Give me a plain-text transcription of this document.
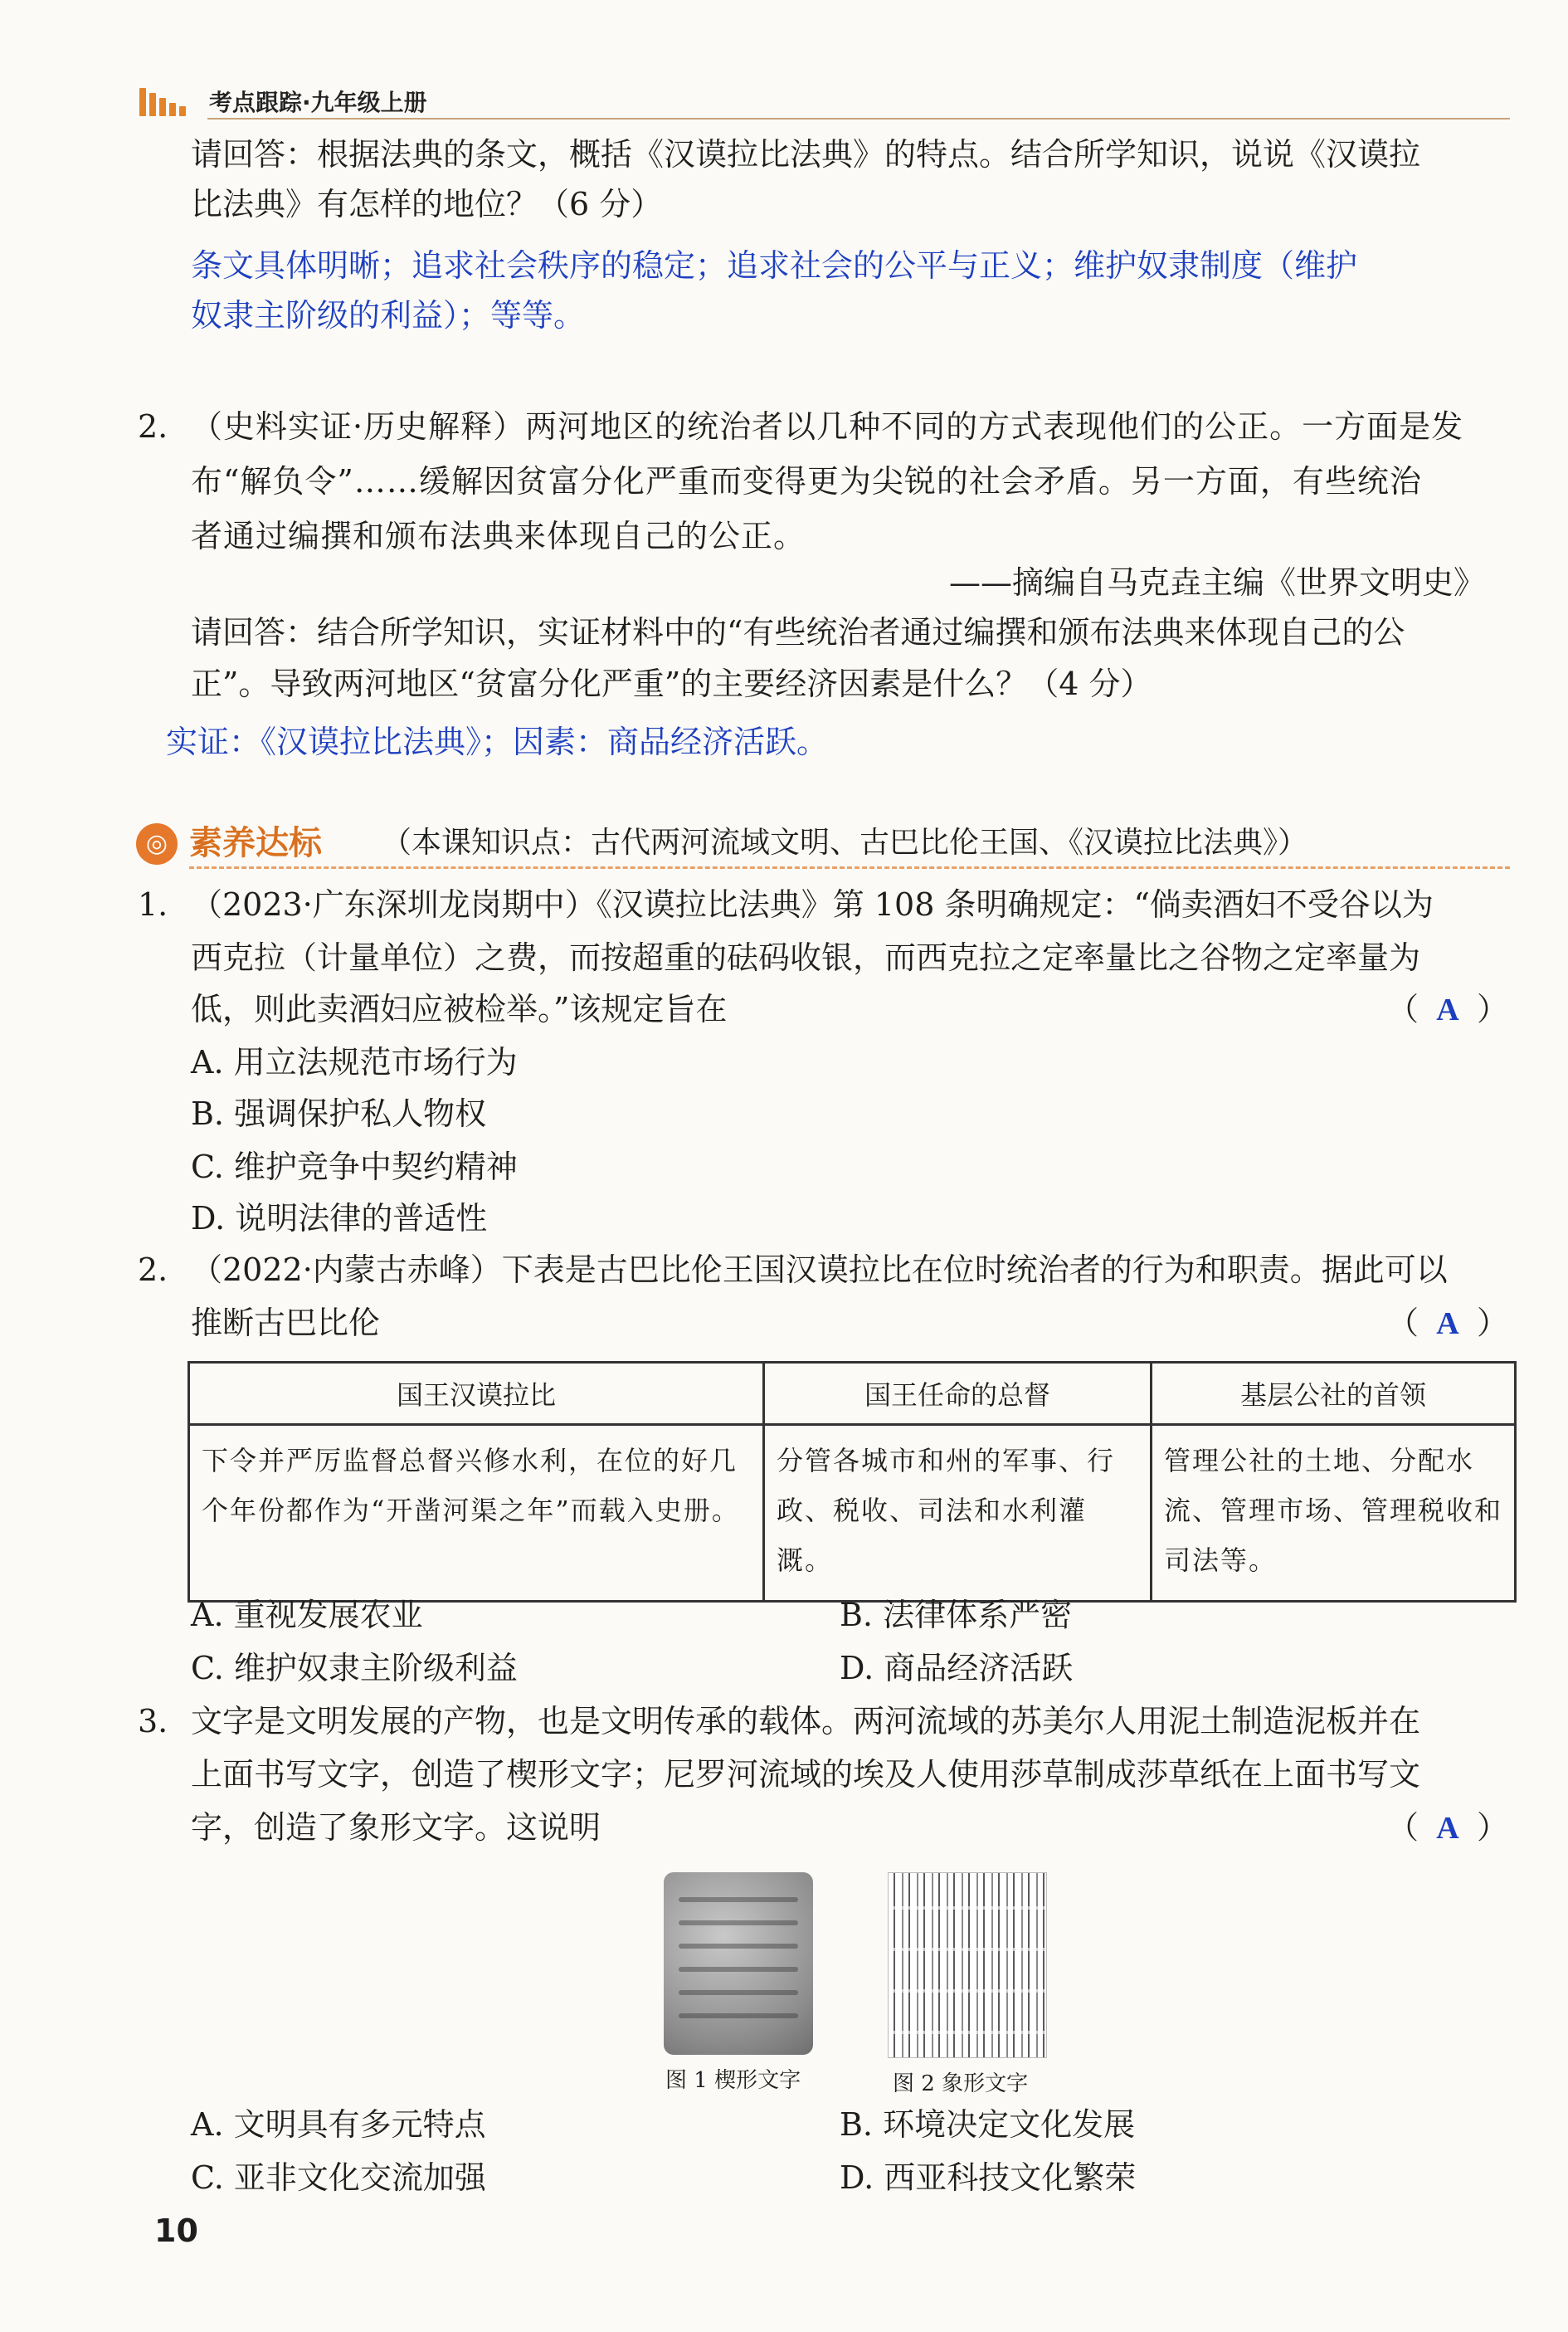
考点跟踪·九年级上册
请回答：根据法典的条文，概括《汉谟拉比法典》的特点。结合所学知识，说说《汉谟拉
比法典》有怎样的地位？（6 分）
条文具体明晰；追求社会秩序的稳定；追求社会的公平与正义；维护奴隶制度（维护
奴隶主阶级的利益）；等等。
2. （史料实证·历史解释）两河地区的统治者以几种不同的方式表现他们的公正。一方面是发
布“解负令”……缓解因贫富分化严重而变得更为尖锐的社会矛盾。另一方面，有些统治
者通过编撰和颁布法典来体现自己的公正。
——摘编自马克垚主编《世界文明史》
请回答：结合所学知识，实证材料中的“有些统治者通过编撰和颁布法典来体现自己的公
正”。导致两河地区“贫富分化严重”的主要经济因素是什么？（4 分）
实证：《汉谟拉比法典》；因素：商品经济活跃。
◎ 素养达标 （本课知识点：古代两河流域文明、古巴比伦王国、《汉谟拉比法典》）
1. （2023·广东深圳龙岗期中）《汉谟拉比法典》第 108 条明确规定：“倘卖酒妇不受谷以为
西克拉（计量单位）之费，而按超重的砝码收银，而西克拉之定率量比之谷物之定率量为
低，则此卖酒妇应被检举。”该规定旨在	（ A ）
A. 用立法规范市场行为
B. 强调保护私人物权
C. 维护竞争中契约精神
D. 说明法律的普适性
2. （2022·内蒙古赤峰）下表是古巴比伦王国汉谟拉比在位时统治者的行为和职责。据此可以
推断古巴比伦	（ A ）
国王汉谟拉比	国王任命的总督	基层公社的首领
下令并严厉监督总督兴修水利，在位的好几个年份都作为“开凿河渠之年”而载入史册。	分管各城市和州的军事、行政、税收、司法和水利灌溉。	管理公社的土地、分配水流、管理市场、管理税收和司法等。
A. 重视发展农业	B. 法律体系严密
C. 维护奴隶主阶级利益	D. 商品经济活跃
3. 文字是文明发展的产物，也是文明传承的载体。两河流域的苏美尔人用泥土制造泥板并在
上面书写文字，创造了楔形文字；尼罗河流域的埃及人使用莎草制成莎草纸在上面书写文
字，创造了象形文字。这说明	（ A ）
图 1 楔形文字	图 2 象形文字
A. 文明具有多元特点	B. 环境决定文化发展
C. 亚非文化交流加强	D. 西亚科技文化繁荣
10
